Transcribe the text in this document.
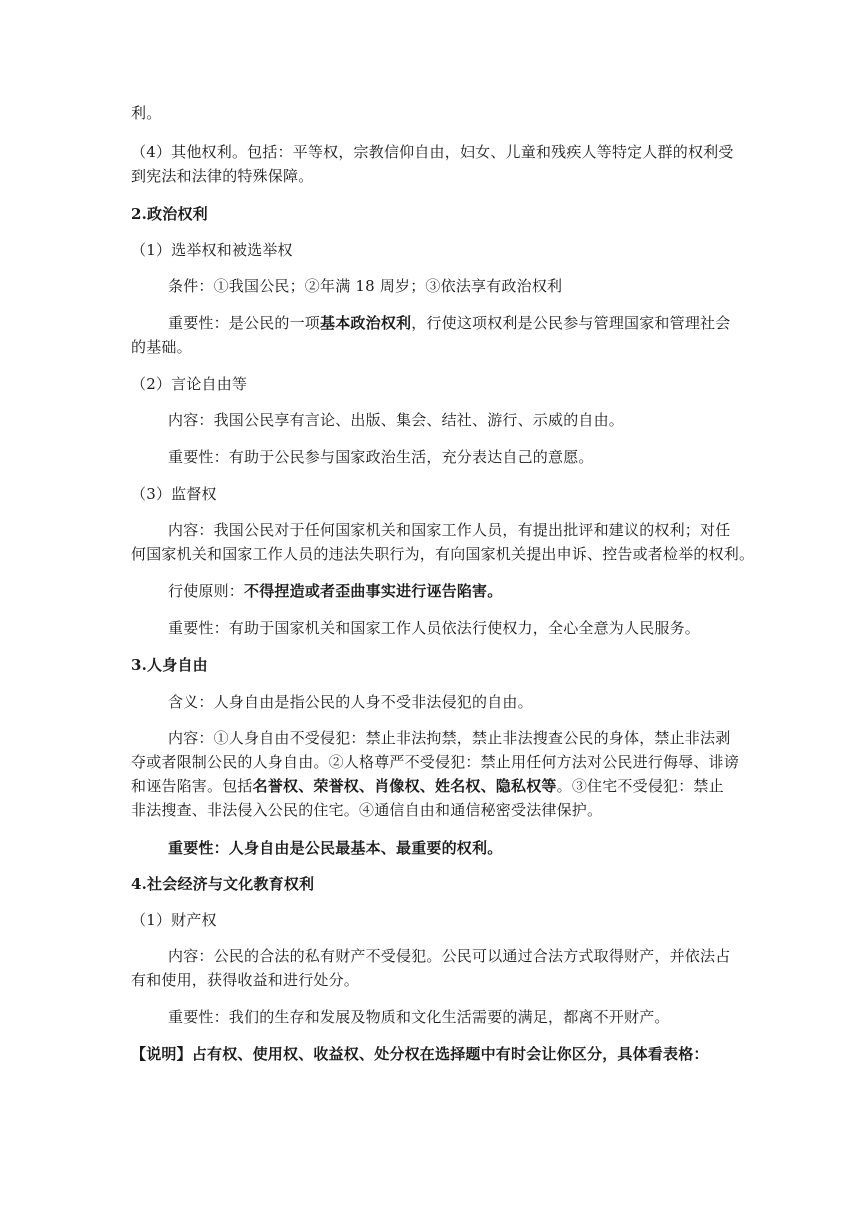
利。
（4）其他权利。包括：平等权，宗教信仰自由，妇女、儿童和残疾人等特定人群的权利受
到宪法和法律的特殊保障。
2.政治权利
（1）选举权和被选举权
条件：①我国公民；②年满 18 周岁；③依法享有政治权利
重要性：是公民的一项基本政治权利，行使这项权利是公民参与管理国家和管理社会
的基础。
（2）言论自由等
内容：我国公民享有言论、出版、集会、结社、游行、示威的自由。
重要性：有助于公民参与国家政治生活，充分表达自己的意愿。
（3）监督权
内容：我国公民对于任何国家机关和国家工作人员，有提出批评和建议的权利；对任
何国家机关和国家工作人员的违法失职行为，有向国家机关提出申诉、控告或者检举的权利。
行使原则：不得捏造或者歪曲事实进行诬告陷害。
重要性：有助于国家机关和国家工作人员依法行使权力，全心全意为人民服务。
3.人身自由
含义：人身自由是指公民的人身不受非法侵犯的自由。
内容：①人身自由不受侵犯：禁止非法拘禁，禁止非法搜查公民的身体，禁止非法剥
夺或者限制公民的人身自由。②人格尊严不受侵犯：禁止用任何方法对公民进行侮辱、诽谤
和诬告陷害。包括名誉权、荣誉权、肖像权、姓名权、隐私权等。③住宅不受侵犯：禁止
非法搜查、非法侵入公民的住宅。④通信自由和通信秘密受法律保护。
重要性：人身自由是公民最基本、最重要的权利。
4.社会经济与文化教育权利
（1）财产权
内容：公民的合法的私有财产不受侵犯。公民可以通过合法方式取得财产，并依法占
有和使用，获得收益和进行处分。
重要性：我们的生存和发展及物质和文化生活需要的满足，都离不开财产。
【说明】占有权、使用权、收益权、处分权在选择题中有时会让你区分，具体看表格：
